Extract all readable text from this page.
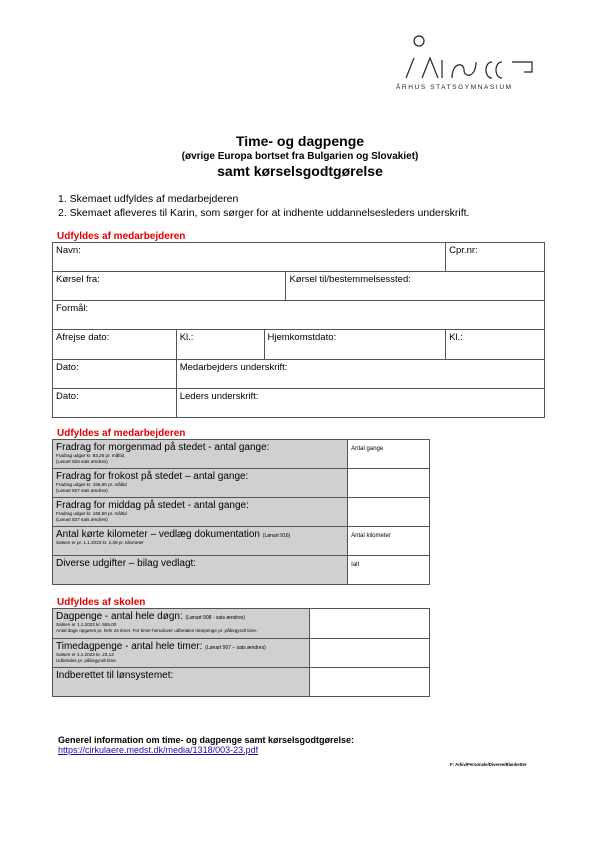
ÅRHUS STATSGYMNASIUM
Time- og dagpenge
(øvrige Europa bortset fra Bulgarien og Slovakiet)
samt kørselsgodtgørelse
1. Skemaet udfyldes af medarbejderen
2. Skemaet afleveres til Karin, som sørger for at indhente uddannelsesleders underskrift.
Udfyldes af medarbejderen
Navn:				Cpr.nr:
Kørsel fra:			Kørsel til/bestemmelsessted:	
Formål:				
Afrejse dato:	Kl.:	Hjemkomstdato:		Kl.:
Dato:	Medarbejders underskrift:			
Dato:	Leders underskrift:			
Udfyldes af medarbejderen
Fradrag for morgenmad på stedet - antal gange:
Fradrag udgør kr. 83,25 pr. måltid
(Lønart 826 sats ændres)	Antal gange

Fradrag for frokost på stedet – antal gange:
Fradrag udgør kr. 166,50 pr. måltid
(Lønart 827 sats ændres)	

Fradrag for middag på stedet - antal gange:
Fradrag udgør kr. 166,50 pr. måltid
(Lønart 827 sats ændres)	

Antal kørte kilometer – vedlæg dokumentation (Lønart 916)
Satsen er pr. 1.1.2023 kr. 2,39 pr. kilometer	Antal kilometer

Diverse udgifter – bilag vedlagt:	Ialt
Udfyldes af skolen
Dagpenge - antal hele døgn: (Lønart 908 - sats ændres)
Satsen er 1.1.2023 kr. 555,00
Antal dage opgøres pr. hele 24 timer. For timer herudover udbetales timepenge pr. påbegyndt time.	

Timedagpenge - antal hele timer: (Lønart 907 – sats ændres)
Satsen er 1.1.2023 kr. 23,13
Udbetales pr. påbegyndt time	

Indberettet til lønsystemet:	

Generel information om time- og dagpenge samt kørselsgodtgørelse:
https://cirkulaere.medst.dk/media/1318/003-23.pdf
F: Arkiv/Personale/Diverse/Blanketter
